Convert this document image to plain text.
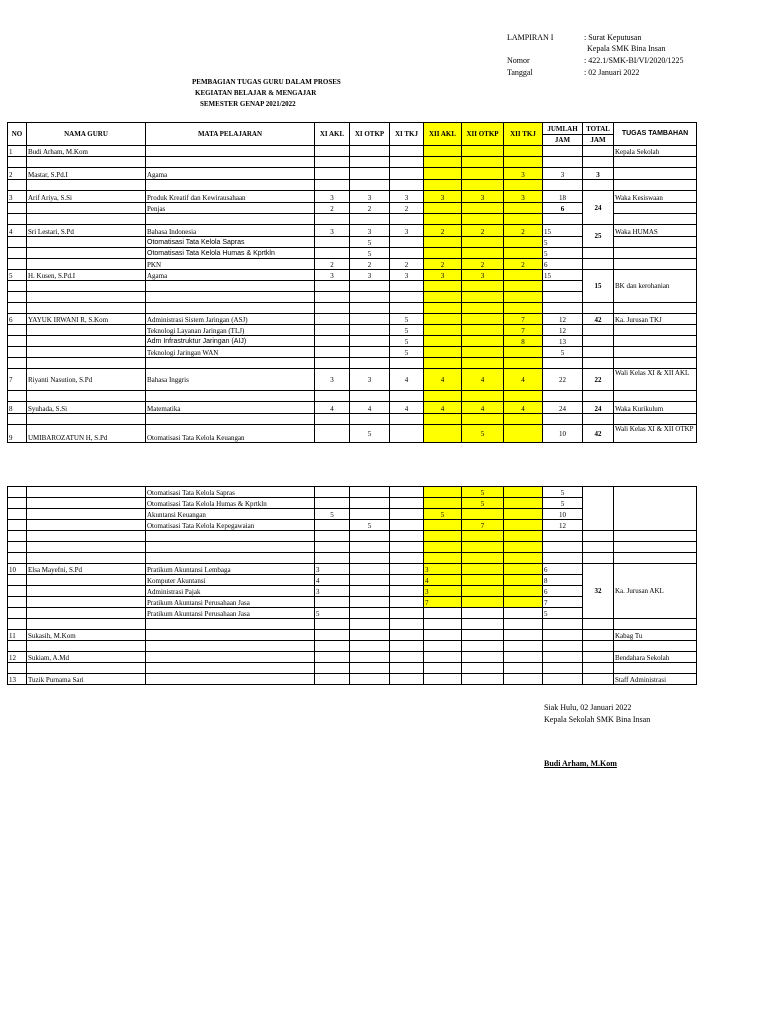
LAMPIRAN I	: Surat Keputusan
Kepala SMK Bina Insan
Nomor	: 422.1/SMK-BI/VI/2020/1225
Tanggal	: 02 Januari 2022
PEMBAGIAN TUGAS GURU DALAM PROSES
KEGIATAN BELAJAR & MENGAJAR
SEMESTER GENAP 2021/2022
NO	NAMA GURU	MATA PELAJARAN	XI AKL	XI OTKP	XI TKJ	XII AKL	XII OTKP	XII TKJ	JUMLAH	TOTAL	TUGAS TAMBAHAN
									JAM	JAM	
1	Budi Arham, M.Kom										Kepala Sekolah

2	Mastar, S.Pd.I	Agama						3	3	3	

3	Arif Ariya, S.Si	Produk Kreatif dan Kewirausahaan	3	3	3	3	3	3	18	24	Waka Kesiswaan
		Penjas	2	2	2				6		

4	Sri Lestari, S.Pd	Bahasa Indonesia	3	3	3	2	2	2	15	25	Waka HUMAS
		Otomatisasi Tata Kelola Sapras		5					5		
		Otomatisasi Tata Kelola Humas & Kprtkln		5					5		
		PKN	2	2	2	2	2	2	6		
5	H. Kusen, S.Pd.I	Agama	3	3	3	3	3		15	15	BK dan kerohanian

6	YAYUK IRWANI R, S.Kom	Administrasi Sistem Jaringan (ASJ)			5			7	12	42	Ka. Jurusan TKJ
		Teknologi Layanan Jaringan (TLJ)			5			7	12		
		Adm Infrastruktur Jaringan (AIJ)			5			8	13		
		Teknologi Jaringan WAN			5				5		

7	Riyanti Nasution, S.Pd	Bahasa Inggris	3	3	4	4	4	4	22	22	Wali Kelas XI & XII AKL

8	Syuhada, S.Si	Matematika	4	4	4	4	4	4	24	24	Waka Kurikulum

9	UMIBAROZATUN H, S.Pd	Otomatisasi Tata Kelola Keuangan		5			5		10	42	Wali Kelas XI & XII OTKP
		Otomatisasi Tata Kelola Sapras					5		5		
		Otomatisasi Tata Kelola Humas & Kprtkln					5		5		
		Akuntansi Keuangan	5			5			10		
		Otomatisasi Tata Kelola Kepegawaian		5			7		12		

10	Elsa Mayefni, S.Pd	Pratikum Akuntansi Lembaga	3			3			6	32	Ka. Jurusan AKL
		Komputer Akuntansi	4			4			8		
		Administrasi Pajak	3			3			6		
		Pratikum Akuntansi Perusahaan Jasa				7			7		
		Pratikum Akuntansi Perusahaan Jasa	5						5		

11	Sukasih, M.Kom										Kabag Tu

12	Sukiam, A.Md										Bendahara Sekolah

13	Tuzik Purnama Sari										Staff Administrasi
Siak Hulu, 02 Januari 2022
Kepala Sekolah SMK Bina Insan
Budi Arham, M.Kom
